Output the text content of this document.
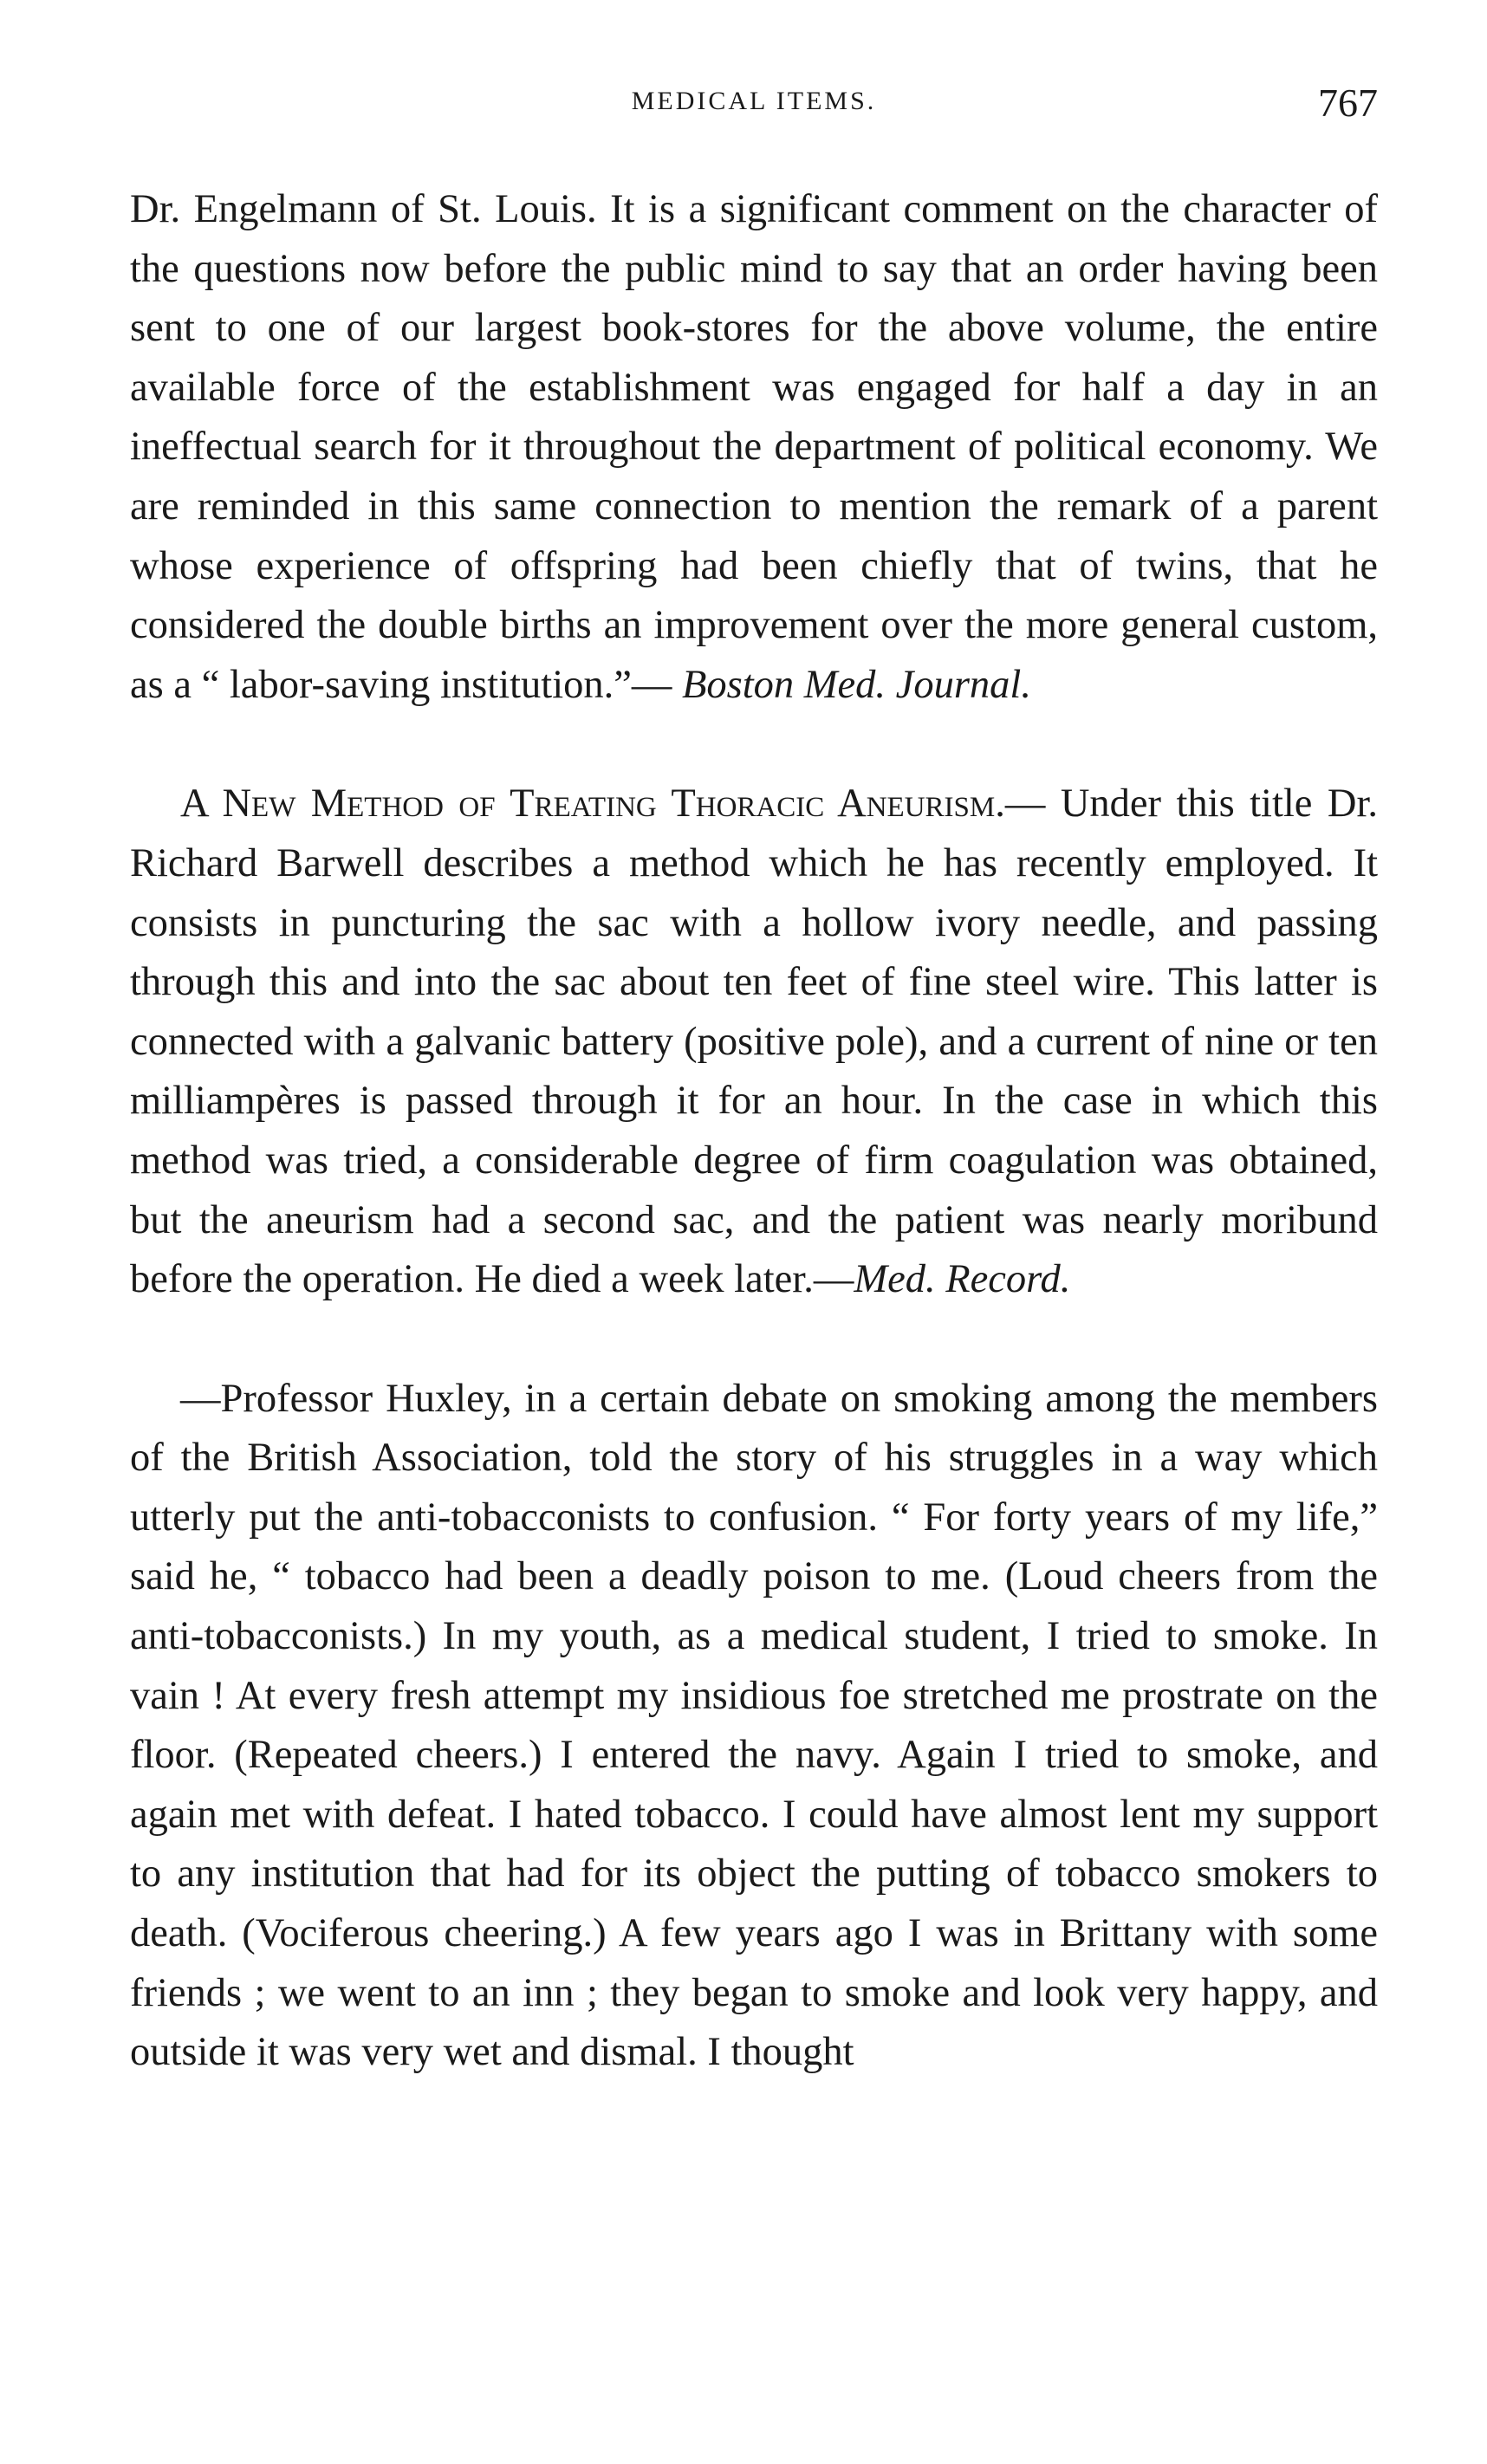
MEDICAL ITEMS.	767

Dr. Engelmann of St. Louis. It is a significant comment on the character of the questions now before the public mind to say that an order having been sent to one of our largest book-stores for the above volume, the entire available force of the establishment was engaged for half a day in an ineffectual search for it throughout the department of political economy. We are reminded in this same connection to mention the remark of a parent whose experience of offspring had been chiefly that of twins, that he considered the double births an improvement over the more general custom, as a “ labor-saving institution.”— Boston Med. Journal.

A New Method of Treating Thoracic Aneurism.— Under this title Dr. Richard Barwell describes a method which he has recently employed. It consists in puncturing the sac with a hollow ivory needle, and passing through this and into the sac about ten feet of fine steel wire. This latter is connected with a galvanic battery (positive pole), and a current of nine or ten milliampères is passed through it for an hour. In the case in which this method was tried, a considerable degree of firm coagulation was obtained, but the aneurism had a second sac, and the patient was nearly moribund before the operation. He died a week later.—Med. Record.

—Professor Huxley, in a certain debate on smoking among the members of the British Association, told the story of his struggles in a way which utterly put the anti-tobacconists to confusion. “ For forty years of my life,” said he, “ tobacco had been a deadly poison to me. (Loud cheers from the anti-tobacconists.) In my youth, as a medical student, I tried to smoke. In vain ! At every fresh attempt my insidious foe stretched me prostrate on the floor. (Repeated cheers.) I entered the navy. Again I tried to smoke, and again met with defeat. I hated tobacco. I could have almost lent my support to any institution that had for its object the putting of tobacco smokers to death. (Vociferous cheering.) A few years ago I was in Brittany with some friends ; we went to an inn ; they began to smoke and look very happy, and outside it was very wet and dismal. I thought
